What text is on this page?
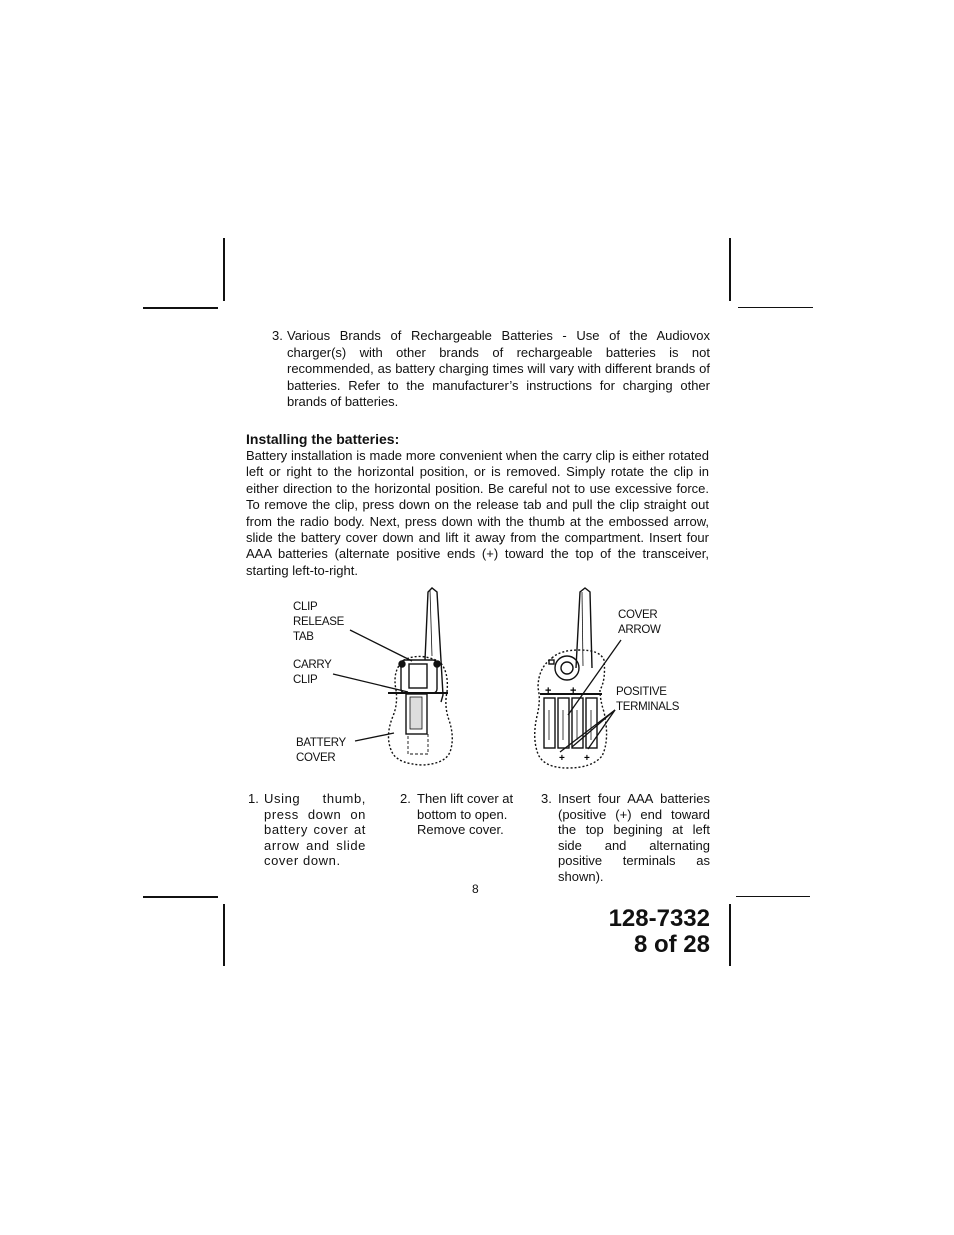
3. Various Brands of Rechargeable Batteries - Use of the Audiovox charger(s) with other brands of rechargeable batteries is not recommended, as battery charging times will vary with different brands of batteries. Refer to the manufacturer’s instructions for charging other brands of batteries.
Installing the batteries:
Battery installation is made more convenient when the carry clip is either rotated left or right to the horizontal position, or is removed. Simply rotate the clip in either direction to the horizontal position. Be careful not to use excessive force. To remove the clip, press down on the release tab and pull the clip straight out from the radio body. Next, press down with the thumb at the embossed arrow, slide the battery cover down and lift it away from the compartment. Insert four AAA batteries (alternate positive ends (+) toward the top of the transceiver, starting left-to-right.
+ +
+ +
CLIP
RELEASE
TAB
CARRY
CLIP
BATTERY
COVER
COVER
ARROW
POSITIVE
TERMINALS
1. Using thumb, press down on battery cover at arrow and slide cover down.
2. Then lift cover at bottom to open. Remove cover.
3. Insert four AAA batteries (positive (+) end toward the top begining at left side and alternating positive terminals as shown).
8
128-7332
8 of 28
